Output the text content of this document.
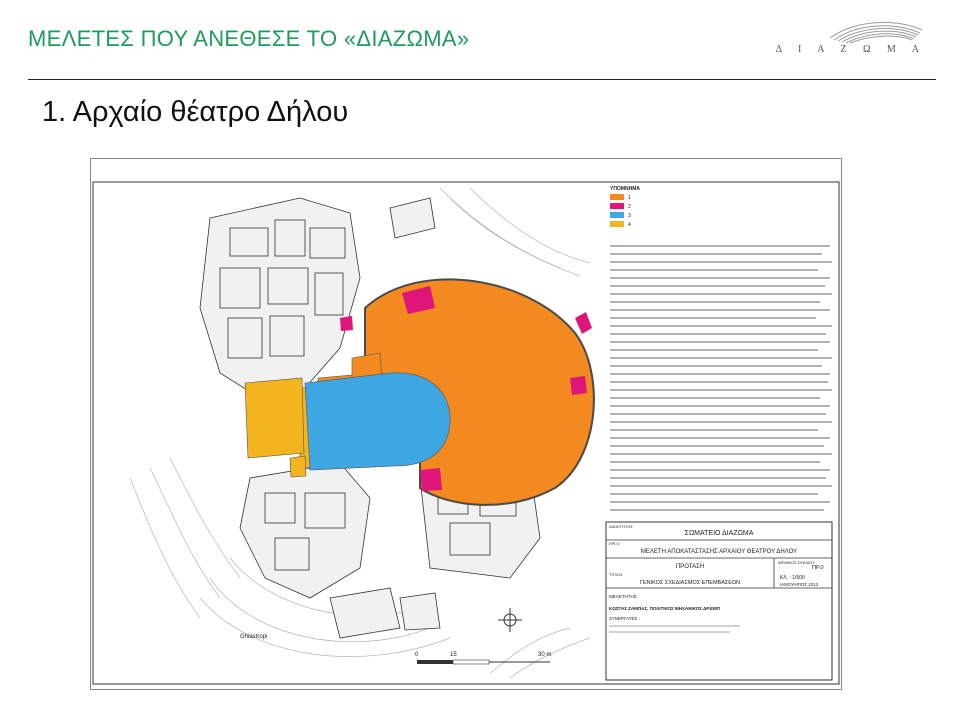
ΜΕΛΕΤΕΣ ΠΟΥ ΑΝΕΘΕΣΕ ΤΟ «ΔΙΑΖΩΜΑ»	Δ Ι Α Ζ Ω Μ Α
1. Αρχαίο θέατρο Δήλου
ΥΠΟΜΝΗΜΑ
1
2
3
4
Ghiastropi
0	15	30 m
ΙΔΙΟΚΤΗΤΗΣ
ΣΩΜΑΤΕΙΟ ΔΙΑΖΩΜΑ
ΕΡΓΟ
ΜΕΛΕΤΗ ΑΠΟΚΑΤΑΣΤΑΣΗΣ ΑΡΧΑΙΟΥ ΘΕΑΤΡΟΥ ΔΗΛΟΥ
ΠΡΟΤΑΣΗ
ΤΙΤΛΟΣ
ΓΕΝΙΚΟΣ ΣΧΕΔΙΑΣΜΟΣ ΕΠΕΜΒΑΣΕΩΝ
ΑΡΙΘΜΟΣ ΣΧΕΔΙΟΥ
ΠΡ.0
ΚΛ. : 1/500
ΙΑΝΟΥΑΡΙΟΣ 2012
ΜΕΛΕΤΗΤΗΣ :
ΚΩΣΤΑΣ ΖΑΜΠΑΣ, ΠΟΛΙΤΙΚΟΣ ΜΗΧΑΝΙΚΟΣ ΔΡ.ΕΜΠ
ΣΥΝΕΡΓΑΤΕΣ :
